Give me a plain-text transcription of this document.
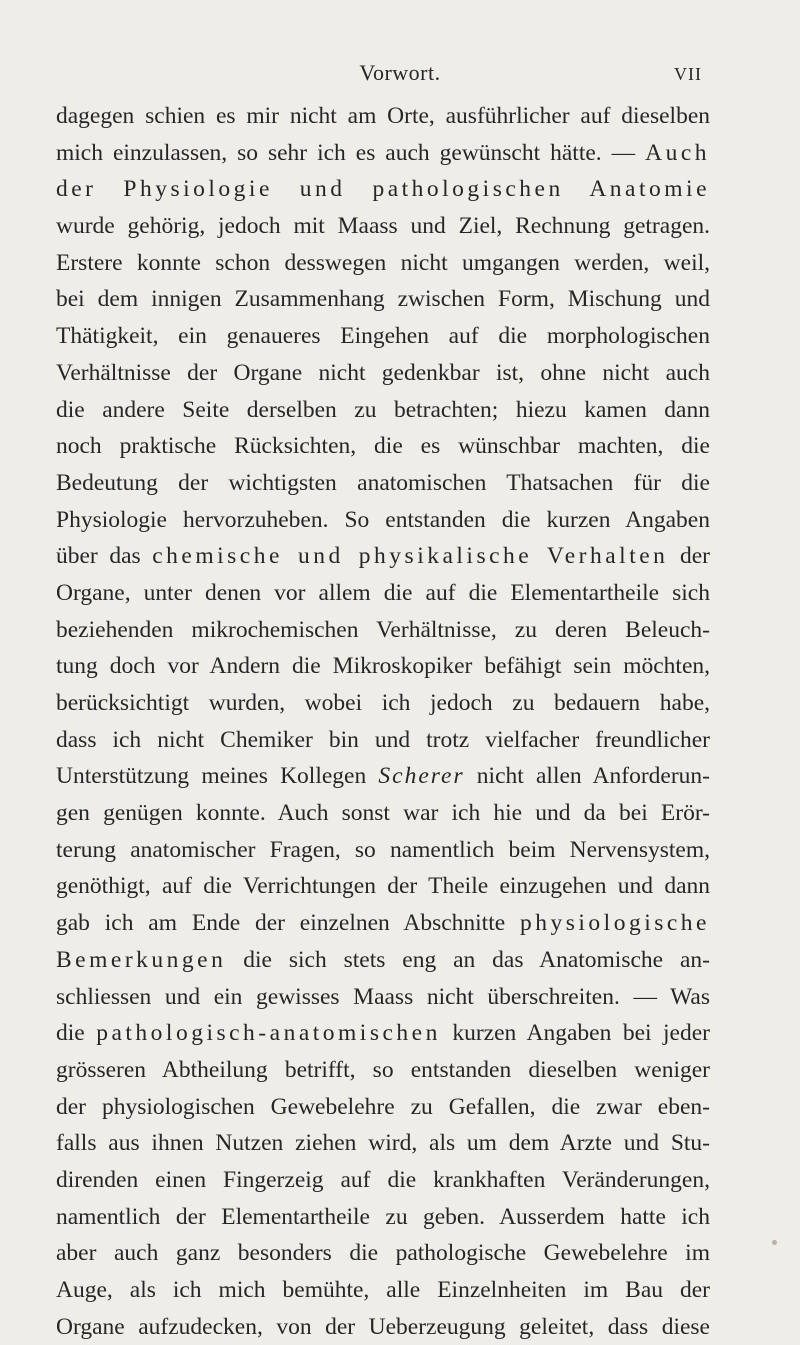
Vorwort.	VII
dagegen schien es mir nicht am Orte, ausführlicher auf dieselben
mich einzulassen, so sehr ich es auch gewünscht hätte. — Auch
der Physiologie und pathologischen Anatomie
wurde gehörig, jedoch mit Maass und Ziel, Rechnung getragen.
Erstere konnte schon desswegen nicht umgangen werden, weil,
bei dem innigen Zusammenhang zwischen Form, Mischung und
Thätigkeit, ein genaueres Eingehen auf die morphologischen
Verhältnisse der Organe nicht gedenkbar ist, ohne nicht auch
die andere Seite derselben zu betrachten; hiezu kamen dann
noch praktische Rücksichten, die es wünschbar machten, die
Bedeutung der wichtigsten anatomischen Thatsachen für die
Physiologie hervorzuheben. So entstanden die kurzen Angaben
über das chemische und physikalische Verhalten der
Organe, unter denen vor allem die auf die Elementartheile sich
beziehenden mikrochemischen Verhältnisse, zu deren Beleuch-
tung doch vor Andern die Mikroskopiker befähigt sein möchten,
berücksichtigt wurden, wobei ich jedoch zu bedauern habe,
dass ich nicht Chemiker bin und trotz vielfacher freundlicher
Unterstützung meines Kollegen Scherer nicht allen Anforderun-
gen genügen konnte. Auch sonst war ich hie und da bei Erör-
terung anatomischer Fragen, so namentlich beim Nervensystem,
genöthigt, auf die Verrichtungen der Theile einzugehen und dann
gab ich am Ende der einzelnen Abschnitte physiologische
Bemerkungen die sich stets eng an das Anatomische an-
schliessen und ein gewisses Maass nicht überschreiten. — Was
die pathologisch-anatomischen kurzen Angaben bei jeder
grösseren Abtheilung betrifft, so entstanden dieselben weniger
der physiologischen Gewebelehre zu Gefallen, die zwar eben-
falls aus ihnen Nutzen ziehen wird, als um dem Arzte und Stu-
direnden einen Fingerzeig auf die krankhaften Veränderungen,
namentlich der Elementartheile zu geben. Ausserdem hatte ich
aber auch ganz besonders die pathologische Gewebelehre im
Auge, als ich mich bemühte, alle Einzelnheiten im Bau der
Organe aufzudecken, von der Ueberzeugung geleitet, dass diese
